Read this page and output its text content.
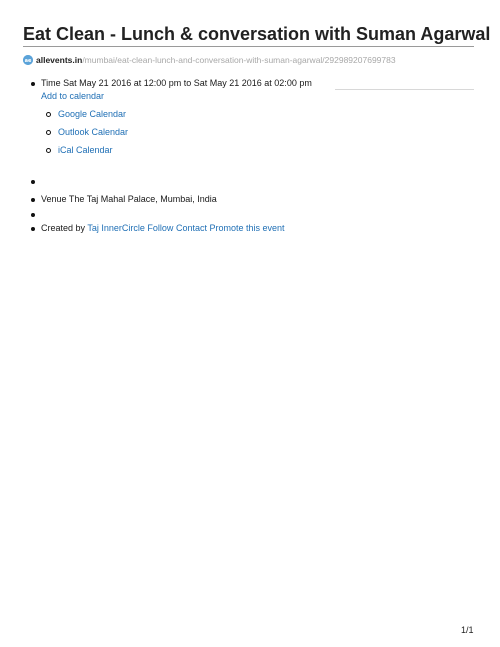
Eat Clean - Lunch & conversation with Suman Agarwal
ae allevents.in /mumbai/eat-clean-lunch-and-conversation-with-suman-agarwal/292989207699783
Time Sat May 21 2016 at 12:00 pm to Sat May 21 2016 at 02:00 pm
Add to calendar
Google Calendar
Outlook Calendar
iCal Calendar
Venue The Taj Mahal Palace, Mumbai, India
Created by Taj InnerCircle Follow Contact Promote this event
1/1
